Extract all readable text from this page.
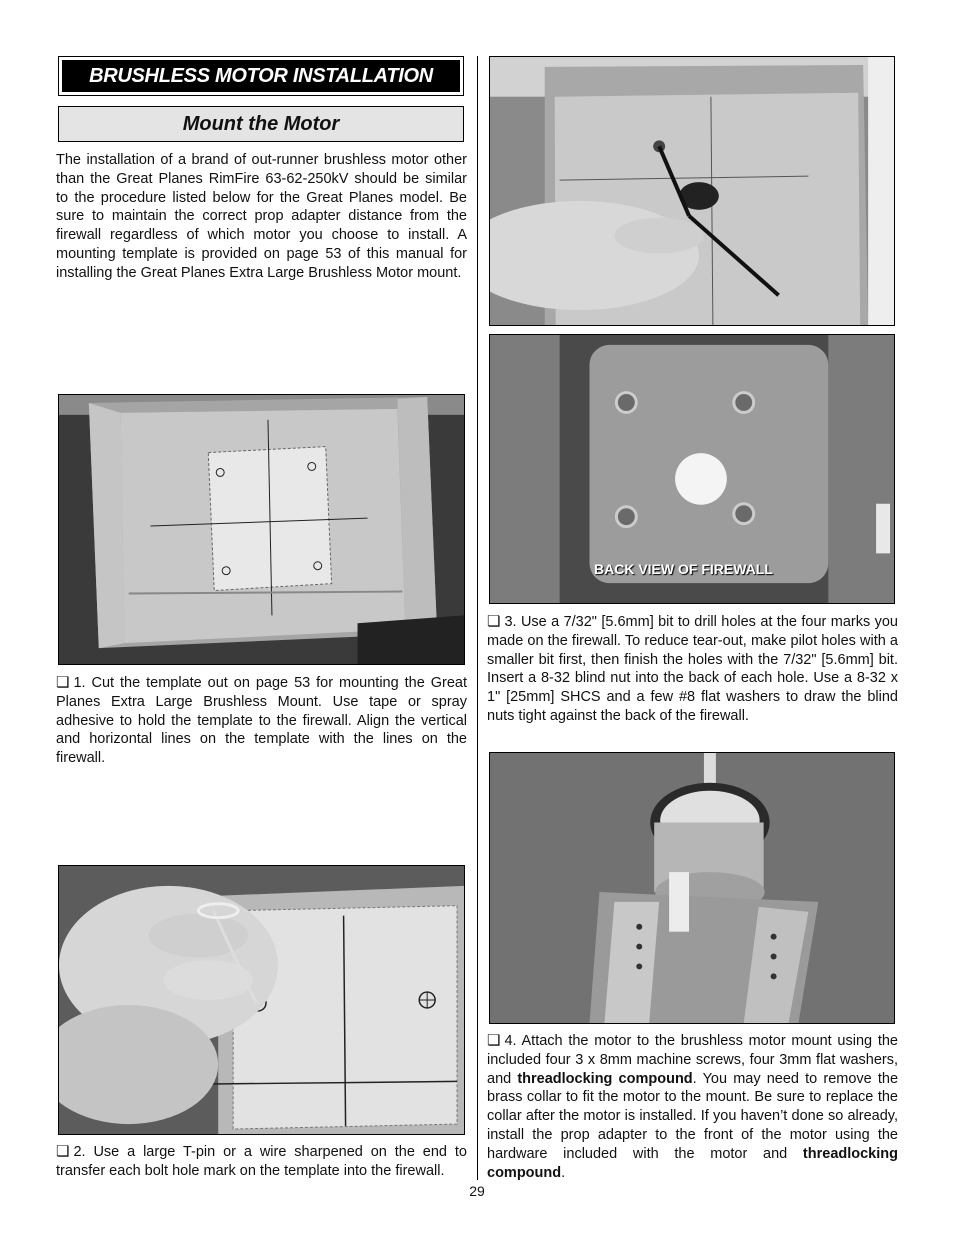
BRUSHLESS MOTOR INSTALLATION
Mount the Motor

The installation of a brand of out-runner brushless motor other than the Great Planes RimFire 63-62-250kV should be similar to the procedure listed below for the Great Planes model. Be sure to maintain the correct prop adapter distance from the firewall regardless of which motor you choose to install. A mounting template is provided on page 53 of this manual for installing the Great Planes Extra Large Brushless Motor mount.

❏ 1. Cut the template out on page 53 for mounting the Great Planes Extra Large Brushless Mount. Use tape or spray adhesive to hold the template to the firewall. Align the vertical and horizontal lines on the template with the lines on the firewall.

❏ 2. Use a large T-pin or a wire sharpened on the end to transfer each bolt hole mark on the template into the firewall.

BACK VIEW OF FIREWALL

❏ 3. Use a 7/32" [5.6mm] bit to drill holes at the four marks you made on the firewall. To reduce tear-out, make pilot holes with a smaller bit first, then finish the holes with the 7/32" [5.6mm] bit. Insert a 8-32 blind nut into the back of each hole. Use a 8-32 x 1" [25mm] SHCS and a few #8 flat washers to draw the blind nuts tight against the back of the firewall.

❏ 4. Attach the motor to the brushless motor mount using the included four 3 x 8mm machine screws, four 3mm flat washers, and threadlocking compound. You may need to remove the brass collar to fit the motor to the mount. Be sure to replace the collar after the motor is installed. If you haven’t done so already, install the prop adapter to the front of the motor using the hardware included with the motor and threadlocking compound.

29
